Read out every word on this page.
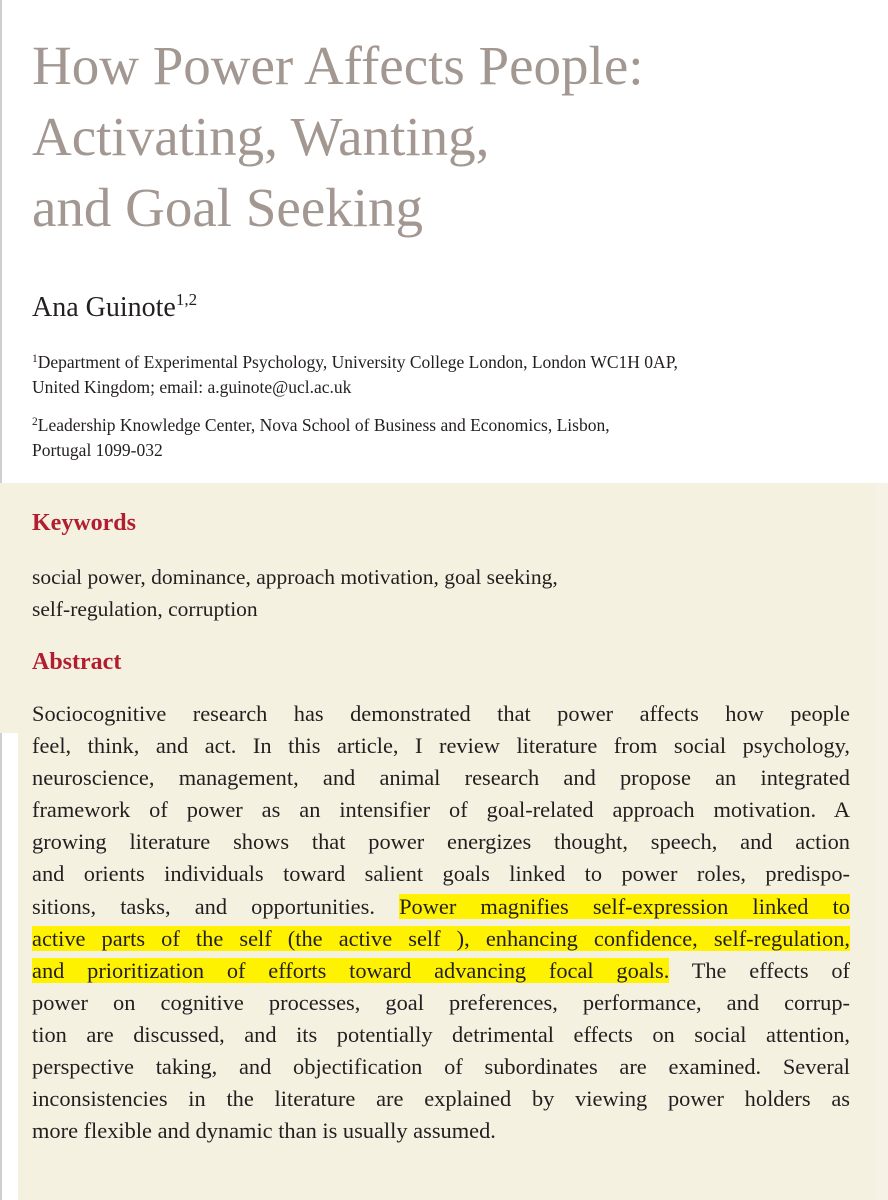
How Power Affects People:
Activating, Wanting,
and Goal Seeking
Ana Guinote$^{1,2}$
$^1$Department of Experimental Psychology, University College London, London WC1H 0AP,
United Kingdom; email: a.guinote@ucl.ac.uk
$^2$Leadership Knowledge Center, Nova School of Business and Economics, Lisbon,
Portugal 1099-032
Keywords
social power, dominance, approach motivation, goal seeking,
self-regulation, corruption
Abstract
Sociocognitive research has demonstrated that power affects how people
feel, think, and act. In this article, I review literature from social psychology,
neuroscience, management, and animal research and propose an integrated
framework of power as an intensifier of goal-related approach motivation. A
growing literature shows that power energizes thought, speech, and action
and orients individuals toward salient goals linked to power roles, predispo-
sitions, tasks, and opportunities. Power magnifies self-expression linked to
active parts of the self (the active self ), enhancing confidence, self-regulation,
and prioritization of efforts toward advancing focal goals. The effects of
power on cognitive processes, goal preferences, performance, and corrup-
tion are discussed, and its potentially detrimental effects on social attention,
perspective taking, and objectification of subordinates are examined. Several
inconsistencies in the literature are explained by viewing power holders as
more flexible and dynamic than is usually assumed.
